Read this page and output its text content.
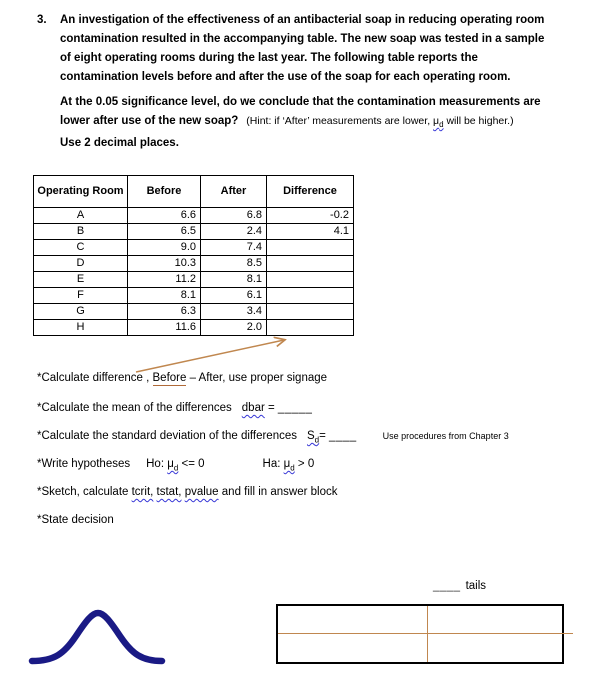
3. An investigation of the effectiveness of an antibacterial soap in reducing operating room
contamination resulted in the accompanying table. The new soap was tested in a sample
of eight operating rooms during the last year. The following table reports the
contamination levels before and after the use of the soap for each operating room.
At the 0.05 significance level, do we conclude that the contamination measurements are
lower after use of the new soap? (Hint: if ‘After’ measurements are lower, $\mu_d$ will be higher.)
Use 2 decimal places.
Operating Room	Before	After	Difference
A	6.6	6.8	-0.2
B	6.5	2.4	4.1
C	9.0	7.4	
D	10.3	8.5	
E	11.2	8.1	
F	8.1	6.1	
G	6.3	3.4	
H	11.6	2.0	
*Calculate difference , Before – After, use proper signage
*Calculate the mean of the differences dbar = _____
*Calculate the standard deviation of the differences $S_d=$ ____	Use procedures from Chapter 3
*Write hypotheses Ho: $\mu_d <= 0$	Ha: $\mu_d > 0$
*Sketch, calculate tcrit, tstat, pvalue and fill in answer block
*State decision
____ tails
